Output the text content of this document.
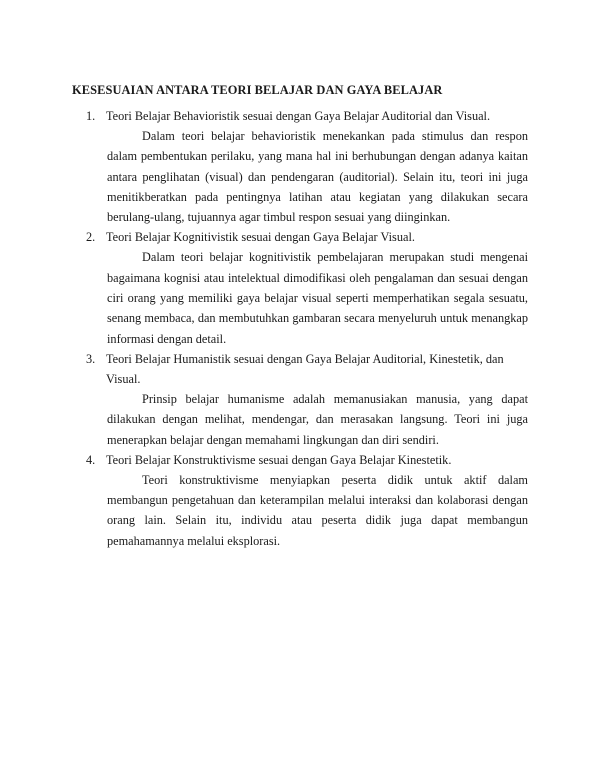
KESESUAIAN ANTARA TEORI BELAJAR DAN GAYA BELAJAR
1. Teori Belajar Behavioristik sesuai dengan Gaya Belajar Auditorial dan Visual.

Dalam teori belajar behavioristik menekankan pada stimulus dan respon dalam pembentukan perilaku, yang mana hal ini berhubungan dengan adanya kaitan antara penglihatan (visual) dan pendengaran (auditorial). Selain itu, teori ini juga menitikberatkan pada pentingnya latihan atau kegiatan yang dilakukan secara berulang-ulang, tujuannya agar timbul respon sesuai yang diinginkan.

2. Teori Belajar Kognitivistik sesuai dengan Gaya Belajar Visual.

Dalam teori belajar kognitivistik pembelajaran merupakan studi mengenai bagaimana kognisi atau intelektual dimodifikasi oleh pengalaman dan sesuai dengan ciri orang yang memiliki gaya belajar visual seperti memperhatikan segala sesuatu, senang membaca, dan membutuhkan gambaran secara menyeluruh untuk menangkap informasi dengan detail.

3. Teori Belajar Humanistik sesuai dengan Gaya Belajar Auditorial, Kinestetik, dan Visual.

Prinsip belajar humanisme adalah memanusiakan manusia, yang dapat dilakukan dengan melihat, mendengar, dan merasakan langsung. Teori ini juga menerapkan belajar dengan memahami lingkungan dan diri sendiri.

4. Teori Belajar Konstruktivisme sesuai dengan Gaya Belajar Kinestetik.

Teori konstruktivisme menyiapkan peserta didik untuk aktif dalam membangun pengetahuan dan keterampilan melalui interaksi dan kolaborasi dengan orang lain. Selain itu, individu atau peserta didik juga dapat membangun pemahamannya melalui eksplorasi.
